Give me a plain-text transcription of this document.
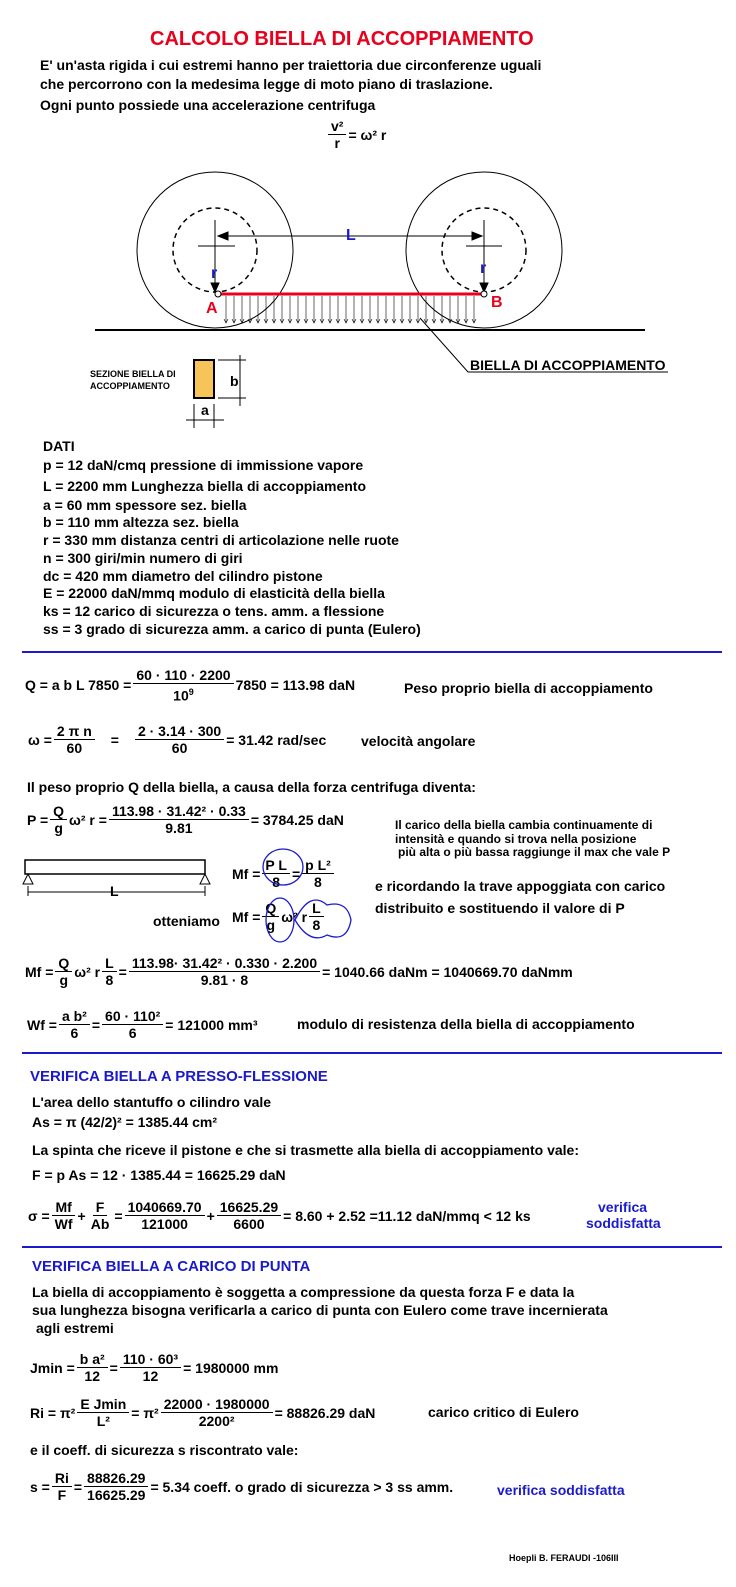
CALCOLO BIELLA DI ACCOPPIAMENTO
E' un'asta rigida i cui estremi hanno per traiettoria due circonferenze uguali
che percorrono con la medesima legge di moto piano di traslazione.
Ogni punto possiede una accelerazione centrifuga
$\frac{\text{v²}}{r} = \omega^2$ r
L
r	r
A	B
BIELLA DI ACCOPPIAMENTO
SEZIONE BIELLA DI
ACCOPPIAMENTO	b
a
DATI
p = 12 daN/cmq pressione di immissione vapore
L = 2200 mm Lunghezza biella di accoppiamento
a = 60 mm spessore sez. biella
b = 110 mm altezza sez. biella
r = 330 mm distanza centri di articolazione nelle ruote
n = 300 giri/min numero di giri
dc = 420 mm diametro del cilindro pistone
E = 22000 daN/mmq modulo di elasticità della biella
ks = 12 carico di sicurezza o tens. amm. a flessione
ss = 3 grado di sicurezza amm. a carico di punta (Eulero)
Q = a b L $7850 = \frac{60 \cdot 110 \cdot 2200}{10^9} 7850 = 113.98$ daN	Peso proprio biella di accoppiamento
$\omega = \frac{\text{2 π n}}{60} = \frac{2 \cdot 3.14 \cdot 300}{60} = 31.42$ rad/sec velocità angolare
Il peso proprio Q della biella, a causa della forza centrifuga diventa:
$P = \frac{Q}{g} \omega^2$ $r = \frac{\text{113.98 · 31.42² · 0.33}}{9.81} = 3784.25$ daN	Il carico della biella cambia continuamente di
intensità e quando si trova nella posizione
più alta o più bassa raggiunge il max che vale P
L
$Mf = \frac{\text{P L}}{8} = \frac{\text{p L²}}{8}$	e ricordando la trave appoggiata con carico
distribuito e sostituendo il valore di P
otteniamo $Mf = \frac{Q}{g} \omega^2$ r
L
8
$Mf = \frac{Q}{g} \omega^2$ r $\frac{L}{8} = \frac{\text{113.98· 31.42² · 0.330 · 2.200}}{9.81 \cdot 8} = 1040.66$ daNm = 1040669.70 daNmm
$Wf = \frac{\text{a b²}}{6} = \frac{\text{60 · 110²}}{6} = 121000$ mm³	modulo di resistenza della biella di accoppiamento
VERIFICA BIELLA A PRESSO-FLESSIONE
L'area dello stantuffo o cilindro vale
As = π (42/2)² = 1385.44 cm²
La spinta che riceve il pistone e che si trasmette alla biella di accoppiamento vale:
F = p As = 12 · 1385.44 = 16625.29 daN
$\sigma = \frac{Mf}{Wf} + \frac{F}{Ab} = \frac{1040669.70}{121000} + \frac{16625.29}{6600} = 8.60 + 2.52 =11.12$ daN/mmq < 12 ks
verifica
soddisfatta
VERIFICA BIELLA A CARICO DI PUNTA
La biella di accoppiamento è soggetta a compressione da questa forza F e data la
sua lunghezza bisogna verificarla a carico di punta con Eulero come trave incernierata
agli estremi
$Jmin = \frac{\text{b a²}}{12} = \frac{\text{110 · 60³}}{12} = 1980000$ mm
Ri = π²
E Jmin
L²
= $\pi^2 \frac{22000 \cdot 1980000}{\text{2200²}} = 88826.29$ daN	carico critico di Eulero
e il coeff. di sicurezza s riscontrato vale:
$s = \frac{Ri}{F} = \frac{88826.29}{16625.29} = 5.34$ coeff. o grado di sicurezza > 3 ss amm.	verifica soddisfatta
Hoepli B. FERAUDI -106III
